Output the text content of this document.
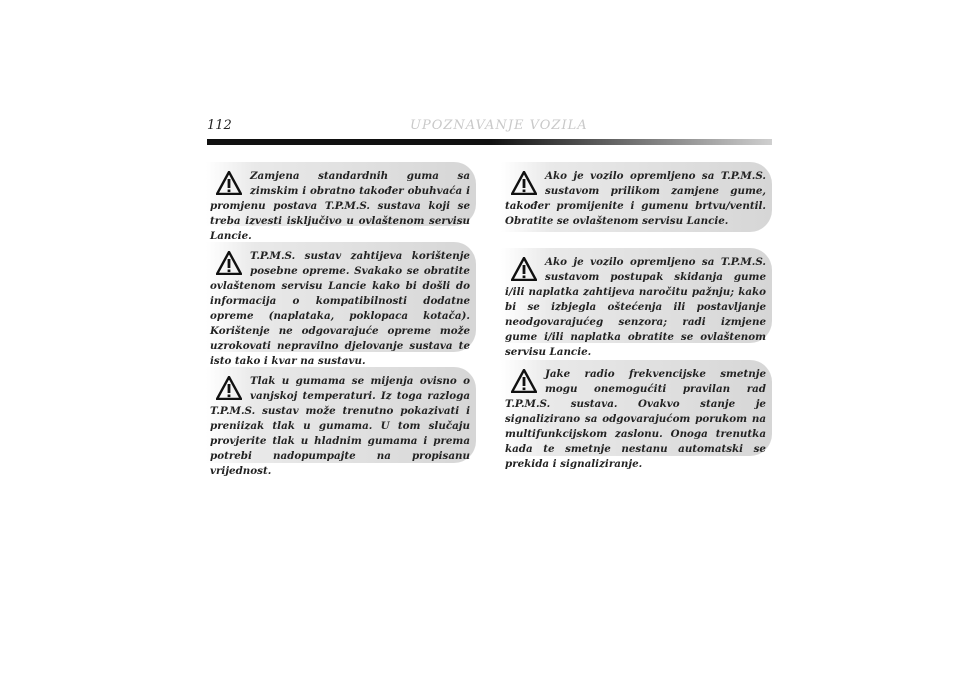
112	UPOZNAVANJE VOZILA

Zamjena standardnih guma sa zimskim i obratno također obuhvaća i promjenu postava T.P.M.S. sustava koji se treba izvesti isključivo u ovlaštenom servisu Lancie.

T.P.M.S. sustav zahtijeva korištenje posebne opreme. Svakako se obratite ovlaštenom servisu Lancie kako bi došli do informacija o kompatibilnosti dodatne opreme (naplataka, poklopaca kotača). Korištenje ne odgovarajuće opreme može uzrokovati nepravilno djelovanje sustava te isto tako i kvar na sustavu.

Tlak u gumama se mijenja ovisno o vanjskoj temperaturi. Iz toga razloga T.P.M.S. sustav može trenutno pokazivati i preniizak tlak u gumama. U tom slučaju provjerite tlak u hladnim gumama i prema potrebi nadopumpajte na propisanu vrijednost.

Ako je vozilo opremljeno sa T.P.M.S. sustavom prilikom zamjene gume, također promijenite i gumenu brtvu/ventil. Obratite se ovlaštenom servisu Lancie.

Ako je vozilo opremljeno sa T.P.M.S. sustavom postupak skidanja gume i/ili naplatka zahtijeva naročitu pažnju; kako bi se izbjegla oštećenja ili postavljanje neodgovarajućeg senzora; radi izmjene gume i/ili naplatka obratite se ovlaštenom servisu Lancie.

Jake radio frekvencijske smetnje mogu onemogućiti pravilan rad T.P.M.S. sustava. Ovakvo stanje je signalizirano sa odgovarajućom porukom na multifunkcijskom zaslonu. Onoga trenutka kada te smetnje nestanu automatski se prekida i signaliziranje.
